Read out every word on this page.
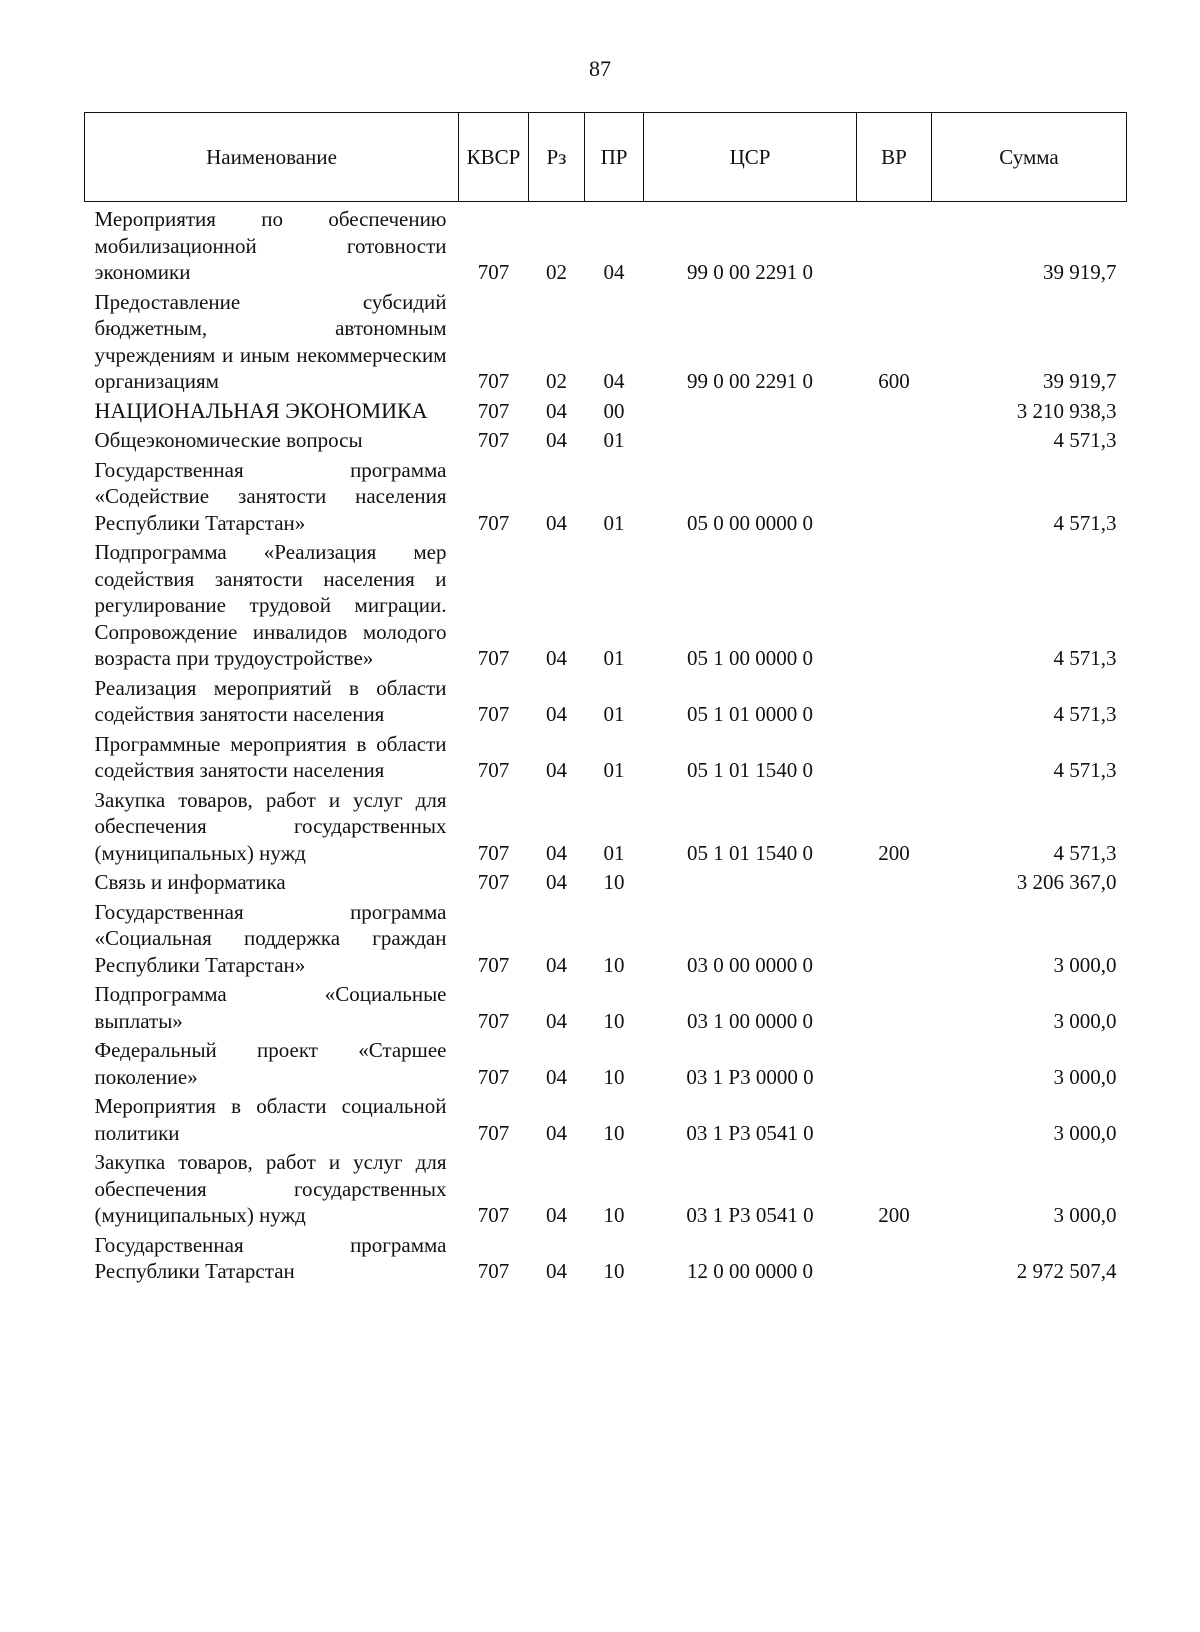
87
Наименование	КВСР	Рз	ПР	ЦСР	ВР	Сумма
Мероприятия по обеспечению мобилизационной готовности экономики	707	02	04	99 0 00 2291 0		39 919,7
Предоставление субсидий бюджетным, автономным учреждениям и иным некоммерческим организациям	707	02	04	99 0 00 2291 0	600	39 919,7
НАЦИОНАЛЬНАЯ ЭКОНОМИКА	707	04	00			3 210 938,3
Общеэкономические вопросы	707	04	01			4 571,3
Государственная программа «Содействие занятости населения Республики Татарстан»	707	04	01	05 0 00 0000 0		4 571,3
Подпрограмма «Реализация мер содействия занятости населения и регулирование трудовой миграции. Сопровождение инвалидов молодого возраста при трудоустройстве»	707	04	01	05 1 00 0000 0		4 571,3
Реализация мероприятий в области содействия занятости населения	707	04	01	05 1 01 0000 0		4 571,3
Программные мероприятия в области содействия занятости населения	707	04	01	05 1 01 1540 0		4 571,3
Закупка товаров, работ и услуг для обеспечения государственных (муниципальных) нужд	707	04	01	05 1 01 1540 0	200	4 571,3
Связь и информатика	707	04	10			3 206 367,0
Государственная программа «Социальная поддержка граждан Республики Татарстан»	707	04	10	03 0 00 0000 0		3 000,0
Подпрограмма «Социальные выплаты»	707	04	10	03 1 00 0000 0		3 000,0
Федеральный проект «Старшее поколение»	707	04	10	03 1 P3 0000 0		3 000,0
Мероприятия в области социальной политики	707	04	10	03 1 P3 0541 0		3 000,0
Закупка товаров, работ и услуг для обеспечения государственных (муниципальных) нужд	707	04	10	03 1 P3 0541 0	200	3 000,0
Государственная программа Республики Татарстан	707	04	10	12 0 00 0000 0		2 972 507,4
